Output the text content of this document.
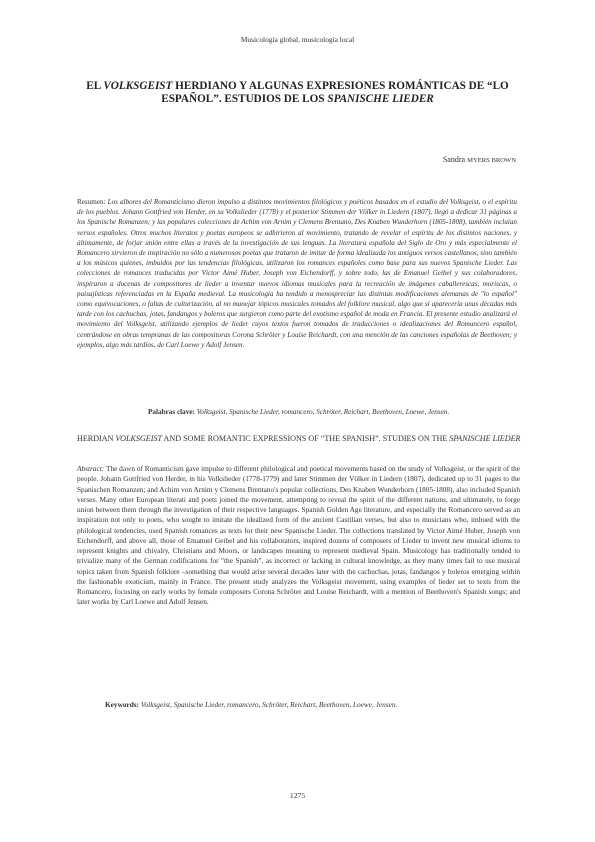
Musicología global, musicología local
EL VOLKSGEIST HERDIANO Y ALGUNAS EXPRESIONES ROMÁNTICAS DE “LO ESPAÑOL”. ESTUDIOS DE LOS SPANISCHE LIEDER
Sandra MYERS BROWN
Resumen: Los albores del Romanticismo dieron impulso a distintos movimientos filológicos y poéticos basados en el estudio del Volksgeist, o el espíritu de los pueblos. Johann Gottfried von Herder, en su Volkslieder (1778) y el posterior Stimmen der Völker in Liedern (1807), llegó a dedicar 31 páginas a los Spanische Romanzen; y las populares colecciones de Achim von Arnim y Clemens Brentano, Des Knaben Wunderhorn (1805-1808), también incluían versos españoles. Otros muchos literatos y poetas europeos se adhirieron al movimiento, tratando de revelar el espíritu de los distintos naciones, y últimamente, de forjar unión entre ellas a través de la investigación de sus lenguas. La literatura española del Siglo de Oro y más especialmente el Romancero sirvieron de inspiración no sólo a numerosos poetas que trataron de imitar de forma idealizada los antiguos versos castellanos, sino también a los músicos quienes, imbuidos por las tendencias filológicas, utilizaron los romances españoles como base para sus nuevos Spanische Lieder. Las colecciones de romances traducidas por Víctor Aimé Huber, Joseph von Eichendorff, y sobre todo, las de Emanuel Geibel y sus colaboradores, inspiraron a docenas de compositores de lieder a inventar nuevos idiomas musicales para la recreación de imágenes caballerescas, moriscas, o paisajísticas referenciadas en la España medieval. La musicología ha tendido a menospreciar las distintas modificaciones alemanas de "lo español" como equivocaciones, o faltas de culturización, al no manejar tópicos musicales tomados del folklore musical, algo que sí aparecería unas décadas más tarde con los cachuchas, jotas, fandangos y boleros que surgieron como parte del exotismo español de moda en Francia. El presente estudio analizará el movimiento del Volksgeist, utilizando ejemplos de lieder cuyos textos fueron tomados de traducciones o idealizaciones del Romancero español, centrándose en obras tempranas de las compositoras Corona Schröter y Louise Reichardt, con una mención de las canciones españolas de Beethoven; y ejemplos, algo más tardíos, de Carl Loewe y Adolf Jensen.
Palabras clave: Volksgeist, Spanische Lieder, romancero, Schröter, Reichart, Beethoven, Loewe, Jensen.
HERDIAN VOLKSGEIST AND SOME ROMANTIC EXPRESSIONS OF “THE SPANISH”. STUDIES ON THE SPANISCHE LIEDER
Abstract: The dawn of Romanticism gave impulse to different philological and poetical movements based on the study of Volksgeist, or the spirit of the people. Johann Gottfried von Herder, in his Volkslieder (1778-1779) and later Stimmen der Völker in Liedern (1807), dedicated up to 31 pages to the Spanischen Romanzen; and Achim von Arnim y Clemens Brentano's popular collections, Des Knaben Wunderhorn (1805-1808), also included Spanish verses. Many other European literati and poets joined the movement, attempting to reveal the spirit of the different nations, and ultimately, to forge union between them through the investigation of their respective languages. Spanish Golden Age literature, and especially the Romancero served as an inspiration not only to poets, who sought to imitate the idealized form of the ancient Castilian verses, but also to musicians who, imbued with the philological tendencies, used Spanish romances as texts for their new Spanische Lieder. The collections translated by Victor Aimé Huber, Joseph von Eichendorff, and above all, those of Emanuel Geibel and his collaborators, inspired dozens of composers of Lieder to invent new musical idioms to represent knights and chivalry, Christians and Moors, or landscapes meaning to represent medieval Spain. Musicology has traditionally tended to trivialize many of the German codifications for "the Spanish", as incorrect or lacking in cultural knowledge, as they many times fail to use musical topics taken from Spanish folklore –something that would arise several decades later with the cachuchas, jotas, fandangos y boleros emerging within the fashionable exoticism, mainly in France. The present study analyzes the Volksgeist movement, using examples of lieder set to texts from the Romancero, focusing on early works by female composers Corona Schröter and Louise Reichardt, with a mention of Beethoven's Spanish songs; and later works by Carl Loewe and Adolf Jensen.
Keywords: Volksgeist, Spanische Lieder, romancero, Schröter, Reichart, Beethoven, Loewe, Jensen.
1275
